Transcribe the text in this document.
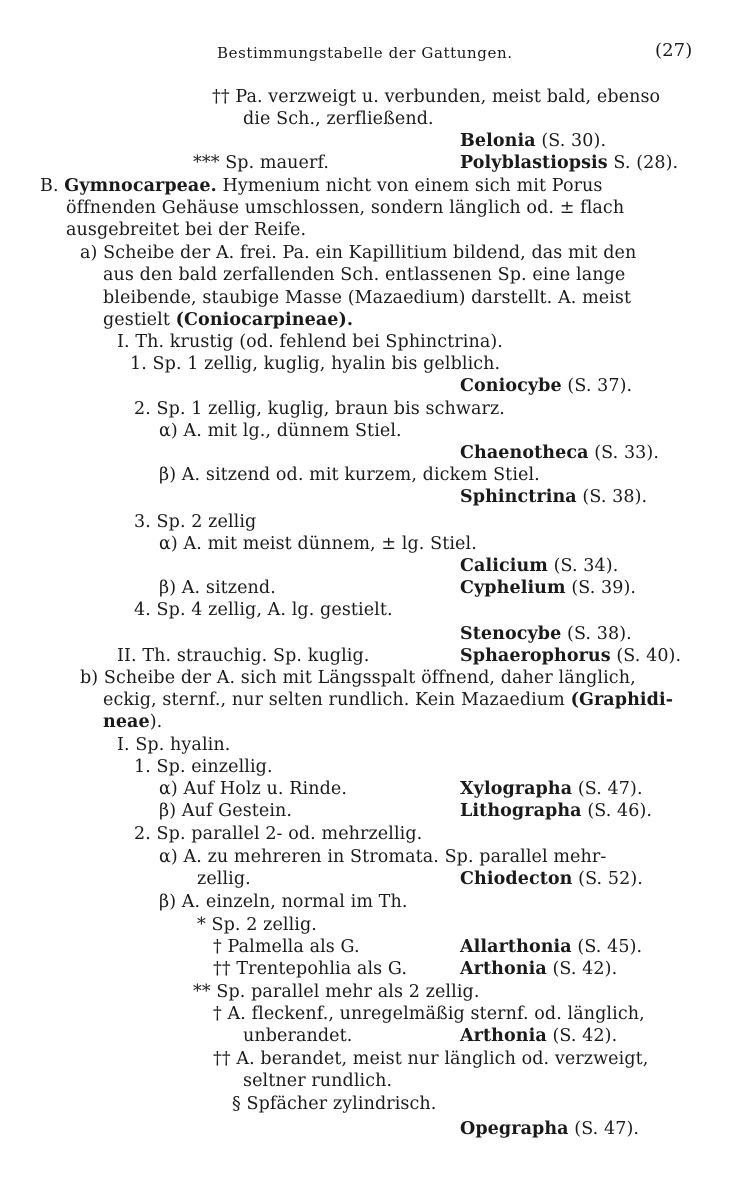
Bestimmungstabelle der Gattungen.	(27)
†† Pa. verzweigt u. verbunden, meist bald, ebenso
die Sch., zerfließend.
Belonia (S. 30).
*** Sp. mauerf.	Polyblastiopsis S. (28).
B. Gymnocarpeae. Hymenium nicht von einem sich mit Porus
öffnenden Gehäuse umschlossen, sondern länglich od. ± flach
ausgebreitet bei der Reife.
a) Scheibe der A. frei. Pa. ein Kapillitium bildend, das mit den
aus den bald zerfallenden Sch. entlassenen Sp. eine lange
bleibende, staubige Masse (Mazaedium) darstellt. A. meist
gestielt (Coniocarpineae).
I. Th. krustig (od. fehlend bei Sphinctrina).
1. Sp. 1 zellig, kuglig, hyalin bis gelblich.
Coniocybe (S. 37).
2. Sp. 1 zellig, kuglig, braun bis schwarz.
α) A. mit lg., dünnem Stiel.
Chaenotheca (S. 33).
β) A. sitzend od. mit kurzem, dickem Stiel.
Sphinctrina (S. 38).
3. Sp. 2 zellig
α) A. mit meist dünnem, ± lg. Stiel.
Calicium (S. 34).
β) A. sitzend.	Cyphelium (S. 39).
4. Sp. 4 zellig, A. lg. gestielt.
Stenocybe (S. 38).
II. Th. strauchig. Sp. kuglig.	Sphaerophorus (S. 40).
b) Scheibe der A. sich mit Längsspalt öffnend, daher länglich,
eckig, sternf., nur selten rundlich. Kein Mazaedium (Graphidi-
neae).
I. Sp. hyalin.
1. Sp. einzellig.
α) Auf Holz u. Rinde.	Xylographa (S. 47).
β) Auf Gestein.	Lithographa (S. 46).
2. Sp. parallel 2- od. mehrzellig.
α) A. zu mehreren in Stromata. Sp. parallel mehr-
zellig.	Chiodecton (S. 52).
β) A. einzeln, normal im Th.
* Sp. 2 zellig.
† Palmella als G.	Allarthonia (S. 45).
†† Trentepohlia als G.	Arthonia (S. 42).
** Sp. parallel mehr als 2 zellig.
† A. fleckenf., unregelmäßig sternf. od. länglich,
unberandet.	Arthonia (S. 42).
†† A. berandet, meist nur länglich od. verzweigt,
seltner rundlich.
§ Spfächer zylindrisch.
Opegrapha (S. 47).
